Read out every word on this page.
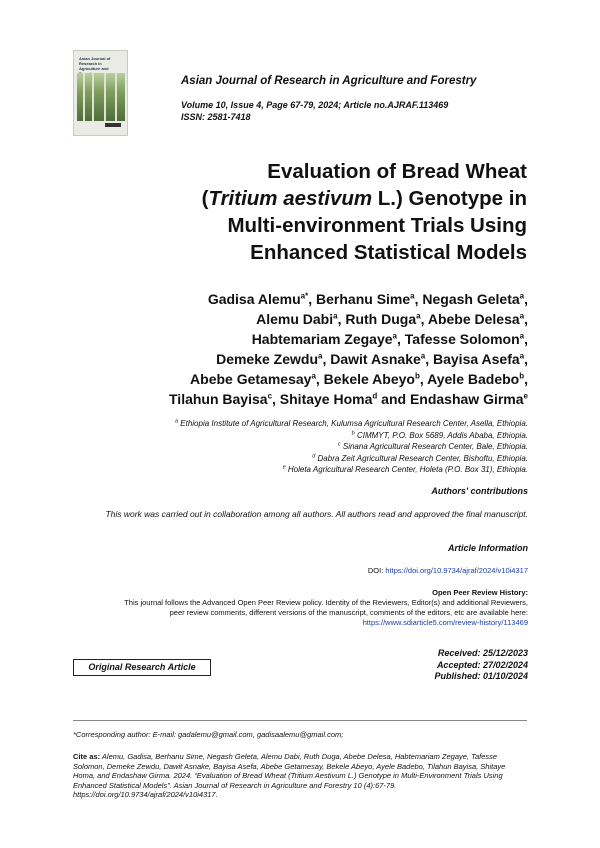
Asian Journal of Research in
Agriculture and
Asian Journal of Research in Agriculture and Forestry
Volume 10, Issue 4, Page 67-79, 2024; Article no.AJRAF.113469
ISSN: 2581-7418
Evaluation of Bread Wheat
(Tritium aestivum L.) Genotype in
Multi-environment Trials Using
Enhanced Statistical Models
Gadisa Alemu$^{a*}$, Berhanu Sime$^a$, Negash Geleta$^a$,
Alemu Dabi$^a$, Ruth Duga$^a$, Abebe Delesa$^a$,
Habtemariam Zegaye$^a$, Tafesse Solomon$^a$,
Demeke Zewdu$^a$, Dawit Asnake$^a$, Bayisa Asefa$^a$,
Abebe Getamesay$^a$, Bekele Abeyo$^b$, Ayele Badebo$^b$,
Tilahun Bayisa$^c$, Shitaye Homa$^d$ and Endashaw Girma$^e$
$^a$ Ethiopia Institute of Agricultural Research, Kulumsa Agricultural Research Center, Asella, Ethiopia.
$^b$ CIMMYT, P.O. Box 5689, Addis Ababa, Ethiopia.
$^c$ Sinana Agricultural Research Center, Bale, Ethiopia.
$^d$ Dabra Zeit Agricultural Research Center, Bishoftu, Ethiopia.
$^e$ Holeta Agricultural Research Center, Holeta (P.O. Box 31), Ethiopia.
Authors' contributions
This work was carried out in collaboration among all authors. All authors read and approved the final manuscript.
Article Information
DOI: https://doi.org/10.9734/ajraf/2024/v10i4317
Open Peer Review History:
This journal follows the Advanced Open Peer Review policy. Identity of the Reviewers, Editor(s) and additional Reviewers,
peer review comments, different versions of the manuscript, comments of the editors, etc are available here:
https://www.sdiarticle5.com/review-history/113469
Original Research Article
Received: 25/12/2023
Accepted: 27/02/2024
Published: 01/10/2024
*Corresponding author: E-mail: gadalemu@gmail.com, gadisaalemu@gmail.com;
Cite as: Alemu, Gadisa, Berhanu Sime, Negash Geleta, Alemu Dabi, Ruth Duga, Abebe Delesa, Habtemariam Zegaye, Tafesse Solomon, Demeke Zewdu, Dawit Asnake, Bayisa Asefa, Abebe Getamesay, Bekele Abeyo, Ayele Badebo, Tilahun Bayisa, Shitaye Homa, and Endashaw Girma. 2024. “Evaluation of Bread Wheat (Tritium Aestivum L.) Genotype in Multi-Environment Trials Using Enhanced Statistical Models”. Asian Journal of Research in Agriculture and Forestry 10 (4):67-79. https://doi.org/10.9734/ajraf/2024/v10i4317.
